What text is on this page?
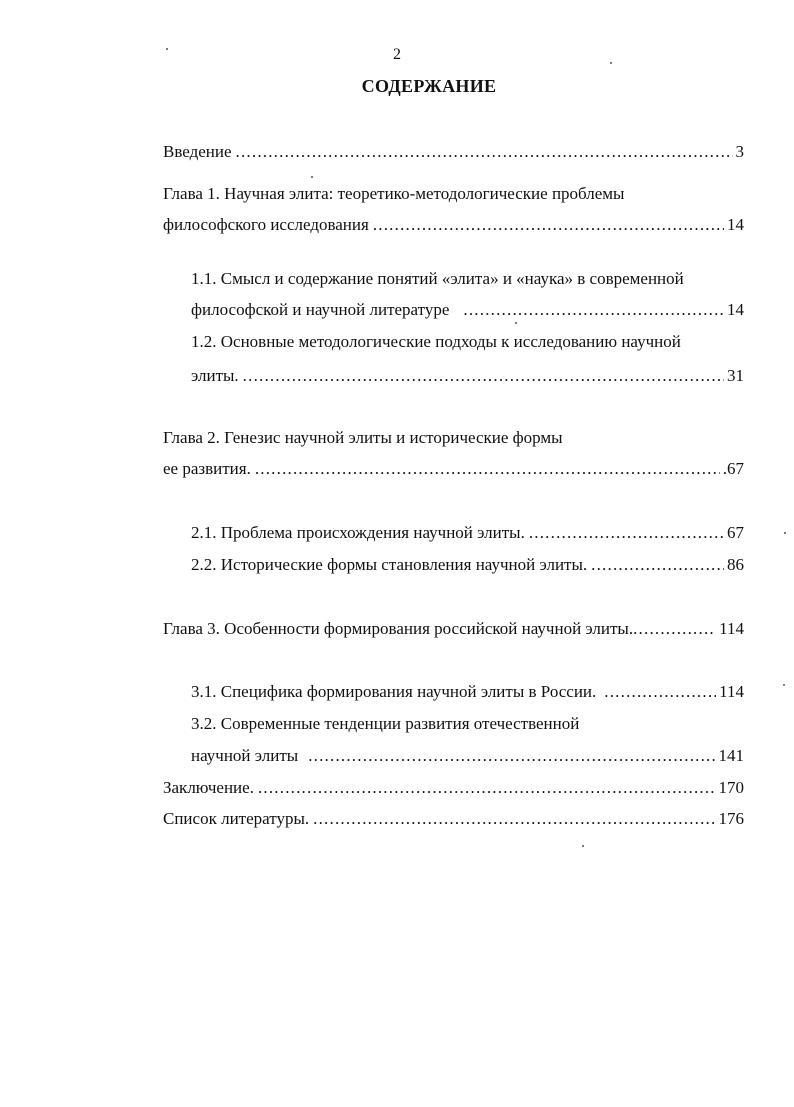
2
СОДЕРЖАНИЕ
Введение .....	3
Глава 1. Научная элита: теоретико-методологические проблемы
философского исследования .....	14
1.1. Смысл и содержание понятий «элита» и «наука» в современной
философской и научной литературе .....	14
1.2. Основные методологические подходы к исследованию научной
элиты. .....	31
Глава 2. Генезис научной элиты и исторические формы
ее развития. .....	.67
2.1. Проблема происхождения научной элиты. .....	67
2.2. Исторические формы становления научной элиты. .....	86
Глава 3. Особенности формирования российской научной элиты. .....	114
3.1. Специфика формирования научной элиты в России. .....	114
3.2. Современные тенденции развития отечественной
научной элиты .....	141
Заключение. .....	170
Список литературы. .....	176
